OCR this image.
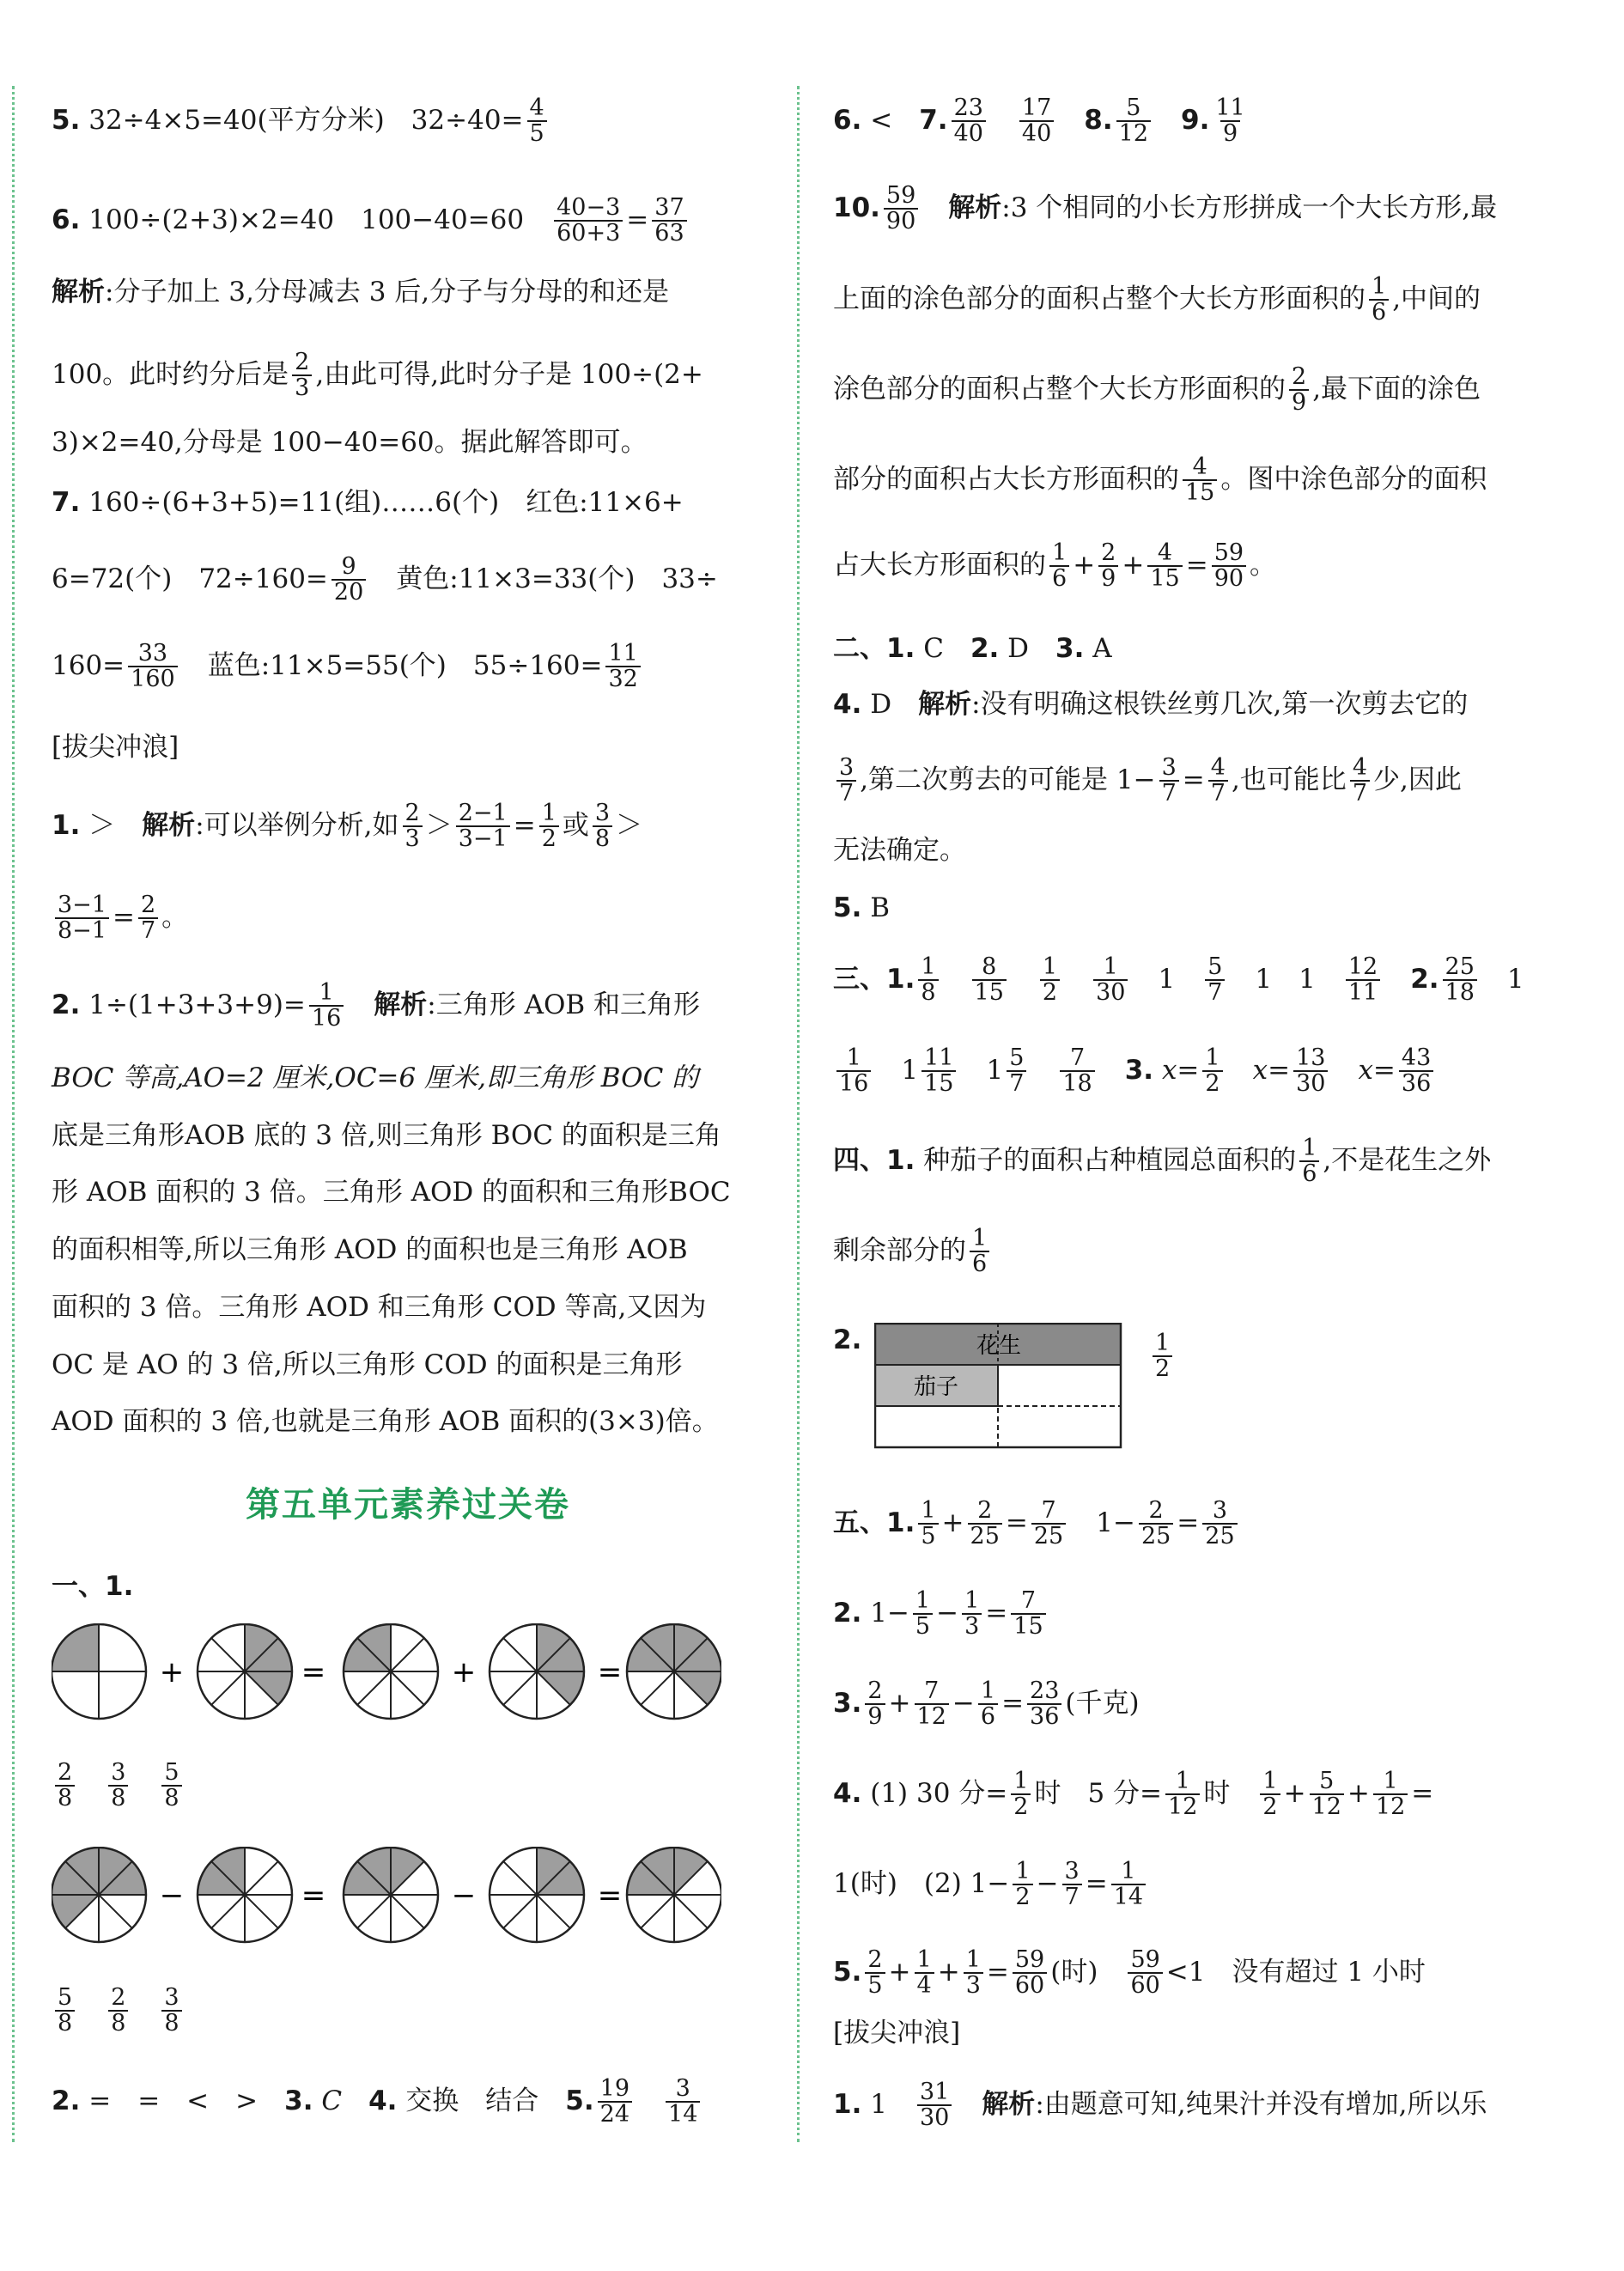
5. 32÷4×5=40(平方分米)　$32\div 40= \frac{4}{5}$
6. 100÷(2+3)×2=40　100−40=60　 $\frac{40-3}{60+3} = \frac{37}{63}$
解析:分子加上 3,分母减去 3 后,分子与分母的和还是
100。此时约分后是 $\frac{2}{3}$ ,由此可得,此时分子是 100÷(2+
3)×2=40,分母是 100−40=60。据此解答即可。
7. 160÷(6+3+5)=11(组)……6(个)　红色:11×6+
6=72(个)　$72\div 160= \frac{9}{20}$ 　黄色:11×3=33(个)　33÷
$160= \frac{33}{160}$ 　蓝色:11×5=55(个)　$55\div 160= \frac{11}{32}$
[拔尖冲浪]
1. ＞　解析:可以举例分析,如 $\frac{2}{3} > \frac{2-1}{3-1} = \frac{1}{2}$ 或 $\frac{3}{8}$ ＞
$\frac{3-1}{8-1} = \frac{2}{7}$ 。
2. $1\div(1+3+3+9)= \frac{1}{16}$
　 解析:三角形 AOB 和三角形
BOC 等高,AO=2 厘米,OC=6 厘米,即三角形 BOC 的
底是三角形AOB 底的 3 倍,则三角形 BOC 的面积是三角
形 AOB 面积的 3 倍。三角形 AOD 的面积和三角形BOC
的面积相等,所以三角形 AOD 的面积也是三角形 AOB
面积的 3 倍。三角形 AOD 和三角形 COD 等高,又因为
OC 是 AO 的 3 倍,所以三角形 COD 的面积是三角形
AOD 面积的 3 倍,也就是三角形 AOB 面积的(3×3)倍。
第五单元素养过关卷
一、1.
+	=	+	=
$\frac{2}{8}$
　 $\frac{3}{8}$
　 $\frac{5}{8}$
−	=	−	=
$\frac{5}{8}$
　 $\frac{2}{8}$
　 $\frac{3}{8}$
2. =　=　<　>　3. C　 4. 交换　结合　 5. $\frac{19}{24}$
　 $\frac{3}{14}$
6. <　 7. $\frac{23}{40}$
　 $\frac{17}{40}$
　 8. $\frac{5}{12}$
　 9. $\frac{11}{9}$
10. $\frac{59}{90}$
　 解析:3 个相同的小长方形拼成一个大长方形,最
上面的涂色部分的面积占整个大长方形面积的 $\frac{1}{6}$ ,中间的
涂色部分的面积占整个大长方形面积的 $\frac{2}{9}$ ,最下面的涂色
部分的面积占大长方形面积的 $\frac{4}{15}$ 。图中涂色部分的面积
占大长方形面积的 $\frac{1}{6} + \frac{2}{9} + \frac{4}{15} = \frac{59}{90}$ 。
二、1. C　 2. D　 3. A
4. D　解析:没有明确这根铁丝剪几次,第一次剪去它的
$\frac{3}{7}$ ,第二次剪去的可能是 $1- \frac{3}{7} = \frac{4}{7}$ ,也可能比 $\frac{4}{7}$ 少,因此
无法确定。
5. B
三、1. $\frac{1}{8}$
　 $\frac{8}{15}$
　 $\frac{1}{2}$
　 $\frac{1}{30}$
　 1　 $\frac{5}{7}$
　 1　1　 $\frac{12}{11}$
　 2. $\frac{25}{18}$
　 1
$\frac{1}{16}$
　 $1 \frac{11}{15}$
　 $1 \frac{5}{7}$
　 $\frac{7}{18}$
　 3. $x= \frac{1}{2}$
　 $x= \frac{13}{30}$
　 $x= \frac{43}{36}$
四、1. 种茄子的面积占种植园总面积的 $\frac{1}{6}$ ,不是花生之外
剩余部分的 $\frac{1}{6}$
2.	花生
茄子
$\frac{1}{2}$
五、1. $\frac{1}{5} + \frac{2}{25} = \frac{7}{25}$
　 $1- \frac{2}{25} = \frac{3}{25}$
2. $1- \frac{1}{5} - \frac{1}{3} = \frac{7}{15}$
3. $\frac{2}{9} + \frac{7}{12} - \frac{1}{6} = \frac{23}{36}$ (千克)
4. (1) 30 分= $\frac{1}{2}$ 时　5 分= $\frac{1}{12}$ 时　 $\frac{1}{2} + \frac{5}{12} + \frac{1}{12}$ =
1(时)　(2) $1- \frac{1}{2} - \frac{3}{7} = \frac{1}{14}$
5. $\frac{2}{5} + \frac{1}{4} + \frac{1}{3} = \frac{59}{60}$ (时)　 $\frac{59}{60} <1$　没有超过 1 小时
[拔尖冲浪]
1. 1　 $\frac{31}{30}$
　 解析:由题意可知,纯果汁并没有增加,所以乐
